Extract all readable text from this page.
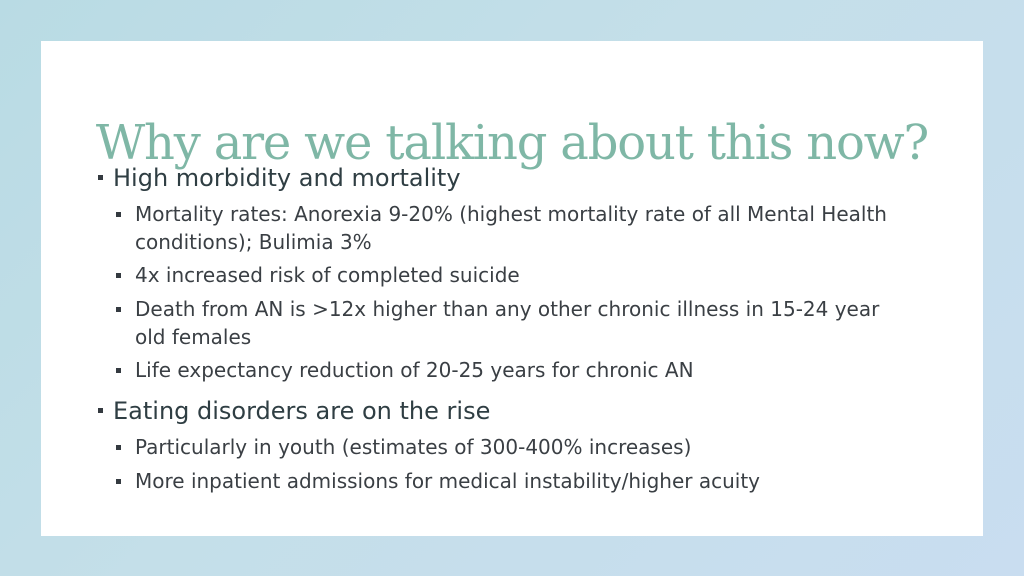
Why are we talking about this now?
High morbidity and mortality
Mortality rates: Anorexia 9-20% (highest mortality rate of all Mental Health
conditions); Bulimia 3%
4x increased risk of completed suicide
Death from AN is >12x higher than any other chronic illness in 15-24 year
old females
Life expectancy reduction of 20-25 years for chronic AN
Eating disorders are on the rise
Particularly in youth (estimates of 300-400% increases)
More inpatient admissions for medical instability/higher acuity
